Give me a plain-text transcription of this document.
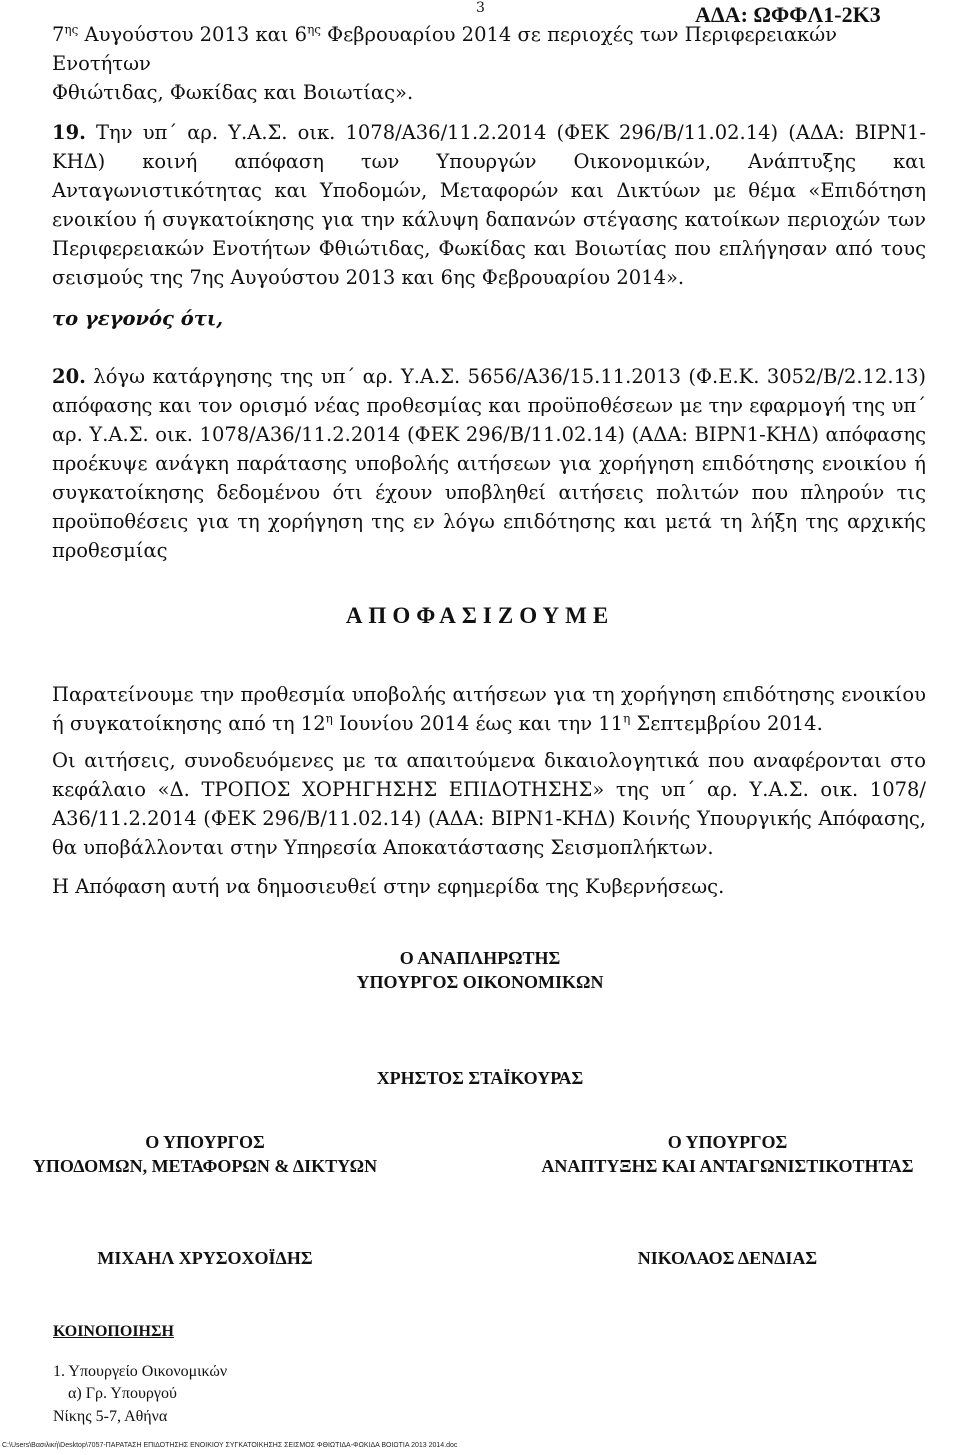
3	ΑΔΑ: ΩΦΦΛ1-2Κ3
$7^{\eta\varsigma}$ Αυγούστου 2013 και $6^{\eta\varsigma}$ Φεβρουαρίου 2014 σε περιοχές των Περιφερειακών Ενοτήτων
Φθιώτιδας, Φωκίδας και Βοιωτίας».
19. Την υπ΄ αρ. Υ.Α.Σ. οικ. 1078/Α36/11.2.2014 (ΦΕΚ 296/Β/11.02.14) (ΑΔΑ: ΒΙΡΝ1-ΚΗΔ) κοινή απόφαση των Υπουργών Οικονομικών, Ανάπτυξης και Ανταγωνιστικότητας και Υποδομών, Μεταφορών και Δικτύων με θέμα «Επιδότηση ενοικίου ή συγκατοίκησης για την κάλυψη δαπανών στέγασης κατοίκων περιοχών των Περιφερειακών Ενοτήτων Φθιώτιδας, Φωκίδας και Βοιωτίας που επλήγησαν από τους σεισμούς της 7ης Αυγούστου 2013 και 6ης Φεβρουαρίου 2014».
το γεγονός ότι,
20. λόγω κατάργησης της υπ΄ αρ. Υ.Α.Σ. 5656/Α36/15.11.2013 (Φ.Ε.Κ. 3052/Β/2.12.13) απόφασης και τον ορισμό νέας προθεσμίας και προϋποθέσεων με την εφαρμογή της υπ΄ αρ. Υ.Α.Σ. οικ. 1078/Α36/11.2.2014 (ΦΕΚ 296/Β/11.02.14) (ΑΔΑ: ΒΙΡΝ1-ΚΗΔ) απόφασης προέκυψε ανάγκη παράτασης υποβολής αιτήσεων για χορήγηση επιδότησης ενοικίου ή συγκατοίκησης δεδομένου ότι έχουν υποβληθεί αιτήσεις πολιτών που πληρούν τις προϋποθέσεις για τη χορήγηση της εν λόγω επιδότησης και μετά τη λήξη της αρχικής προθεσμίας
ΑΠΟΦΑΣΙΖΟΥΜΕ
Παρατείνουμε την προθεσμία υποβολής αιτήσεων για τη χορήγηση επιδότησης ενοικίου ή συγκατοίκησης από τη $12^\eta$ Ιουνίου 2014 έως και την $11^\eta$ Σεπτεμβρίου 2014.
Οι αιτήσεις, συνοδευόμενες με τα απαιτούμενα δικαιολογητικά που αναφέρονται στο κεφάλαιο «Δ. ΤΡΟΠΟΣ ΧΟΡΗΓΗΣΗΣ ΕΠΙΔΟΤΗΣΗΣ» της υπ΄ αρ. Υ.Α.Σ. οικ. 1078/Α36/11.2.2014 (ΦΕΚ 296/Β/11.02.14) (ΑΔΑ: ΒΙΡΝ1-ΚΗΔ) Κοινής Υπουργικής Απόφασης, θα υποβάλλονται στην Υπηρεσία Αποκατάστασης Σεισμοπλήκτων.
Η Απόφαση αυτή να δημοσιευθεί στην εφημερίδα της Κυβερνήσεως.
Ο ΑΝΑΠΛΗΡΩΤΗΣ
ΥΠΟΥΡΓΟΣ ΟΙΚΟΝΟΜΙΚΩΝ
ΧΡΗΣΤΟΣ ΣΤΑΪΚΟΥΡΑΣ
Ο ΥΠΟΥΡΓΟΣ
ΥΠΟΔΟΜΩΝ, ΜΕΤΑΦΟΡΩΝ & ΔΙΚΤΥΩΝ
Ο ΥΠΟΥΡΓΟΣ
ΑΝΑΠΤΥΞΗΣ ΚΑΙ ΑΝΤΑΓΩΝΙΣΤΙΚΟΤΗΤΑΣ
ΜΙΧΑΗΛ ΧΡΥΣΟΧΟΪΔΗΣ	ΝΙΚΟΛΑΟΣ ΔΕΝΔΙΑΣ
ΚΟΙΝΟΠΟΙΗΣΗ
1. Υπουργείο Οικονομικών
α) Γρ. Υπουργού
Νίκης 5-7, Αθήνα
C:\Users\Βασιλική\Desktop\7057-ΠΑΡΑΤΑΣΗ ΕΠΙΔΟΤΗΣΗΣ ΕΝΟΙΚΙΟΥ ΣΥΓΚΑΤΟΙΚΗΣΗΣ ΣΕΙΣΜΟΣ ΦΘΙΩΤΙΔΑ-ΦΩΚΙΔΑ ΒΟΙΩΤΙΑ 2013 2014.doc
